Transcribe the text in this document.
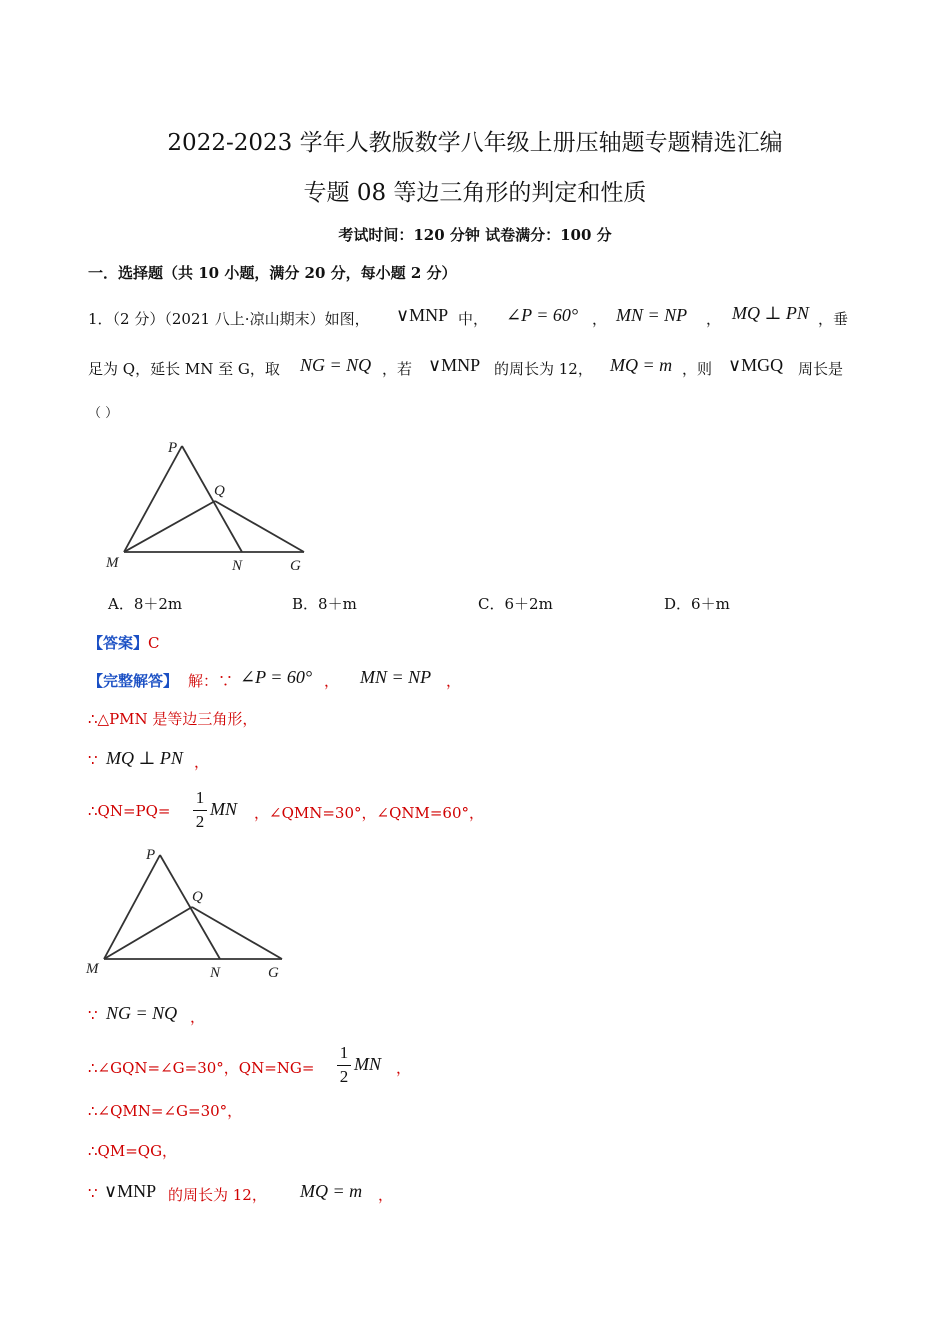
2022-2023 学年人教版数学八年级上册压轴题专题精选汇编
专题 08 等边三角形的判定和性质
考试时间：120 分钟 试卷满分：100 分
一．选择题（共 10 小题，满分 20 分，每小题 2 分）
1．（2 分）（2021 八上·凉山期末）如图， ∨MNP 中， ∠P = 60° ， MN = NP ， MQ ⊥ PN ，垂
足为 Q，延长 MN 至 G，取 NG = NQ ，若 ∨MNP 的周长为 12， MQ = m ，则 ∨MGQ 周长是
（ ）
P
Q
M	N	G
A．8＋2m	B．8＋m	C．6＋2m	D．6＋m
【答案】C
【完整解答】 解：∵ ∠P = 60° ， MN = NP ，
∴△PMN 是等边三角形，
∵ MQ ⊥ PN ，
∴QN=PQ=
1
2
MN ，∠QMN=30°，∠QNM=60°，
P
Q
M	N	G
∵ NG = NQ ，
∴∠GQN=∠G=30°，QN=NG=
1
2
MN ，
∴∠QMN=∠G=30°，
∴QM=QG，
∵ ∨MNP 的周长为 12， MQ = m ，
